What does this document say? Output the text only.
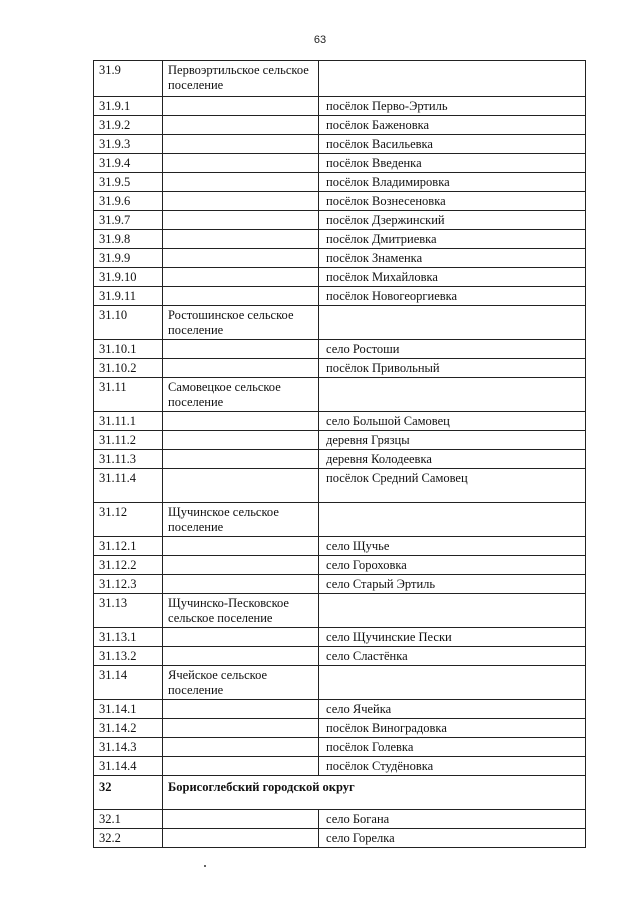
63
31.9	Первоэртильское сельское поселение	
31.9.1		посёлок Перво-Эртиль
31.9.2		посёлок Баженовка
31.9.3		посёлок Васильевка
31.9.4		посёлок Введенка
31.9.5		посёлок Владимировка
31.9.6		посёлок Вознесеновка
31.9.7		посёлок Дзержинский
31.9.8		посёлок Дмитриевка
31.9.9		посёлок Знаменка
31.9.10		посёлок Михайловка
31.9.11		посёлок Новогеоргиевка
31.10	Ростошинское сельское поселение	
31.10.1		село Ростоши
31.10.2		посёлок Привольный
31.11	Самовецкое сельское поселение	
31.11.1		село Большой Самовец
31.11.2		деревня Грязцы
31.11.3		деревня Колодеевка
31.11.4		посёлок Средний Самовец
31.12	Щучинское сельское поселение	
31.12.1		село Щучье
31.12.2		село Гороховка
31.12.3		село Старый Эртиль
31.13	Щучинско-Песковское сельское поселение	
31.13.1		село Щучинские Пески
31.13.2		село Сластёнка
31.14	Ячейское сельское поселение	
31.14.1		село Ячейка
31.14.2		посёлок Виноградовка
31.14.3		посёлок Голевка
31.14.4		посёлок Студёновка
32	Борисоглебский городской округ	
32.1		село Богана
32.2		село Горелка
